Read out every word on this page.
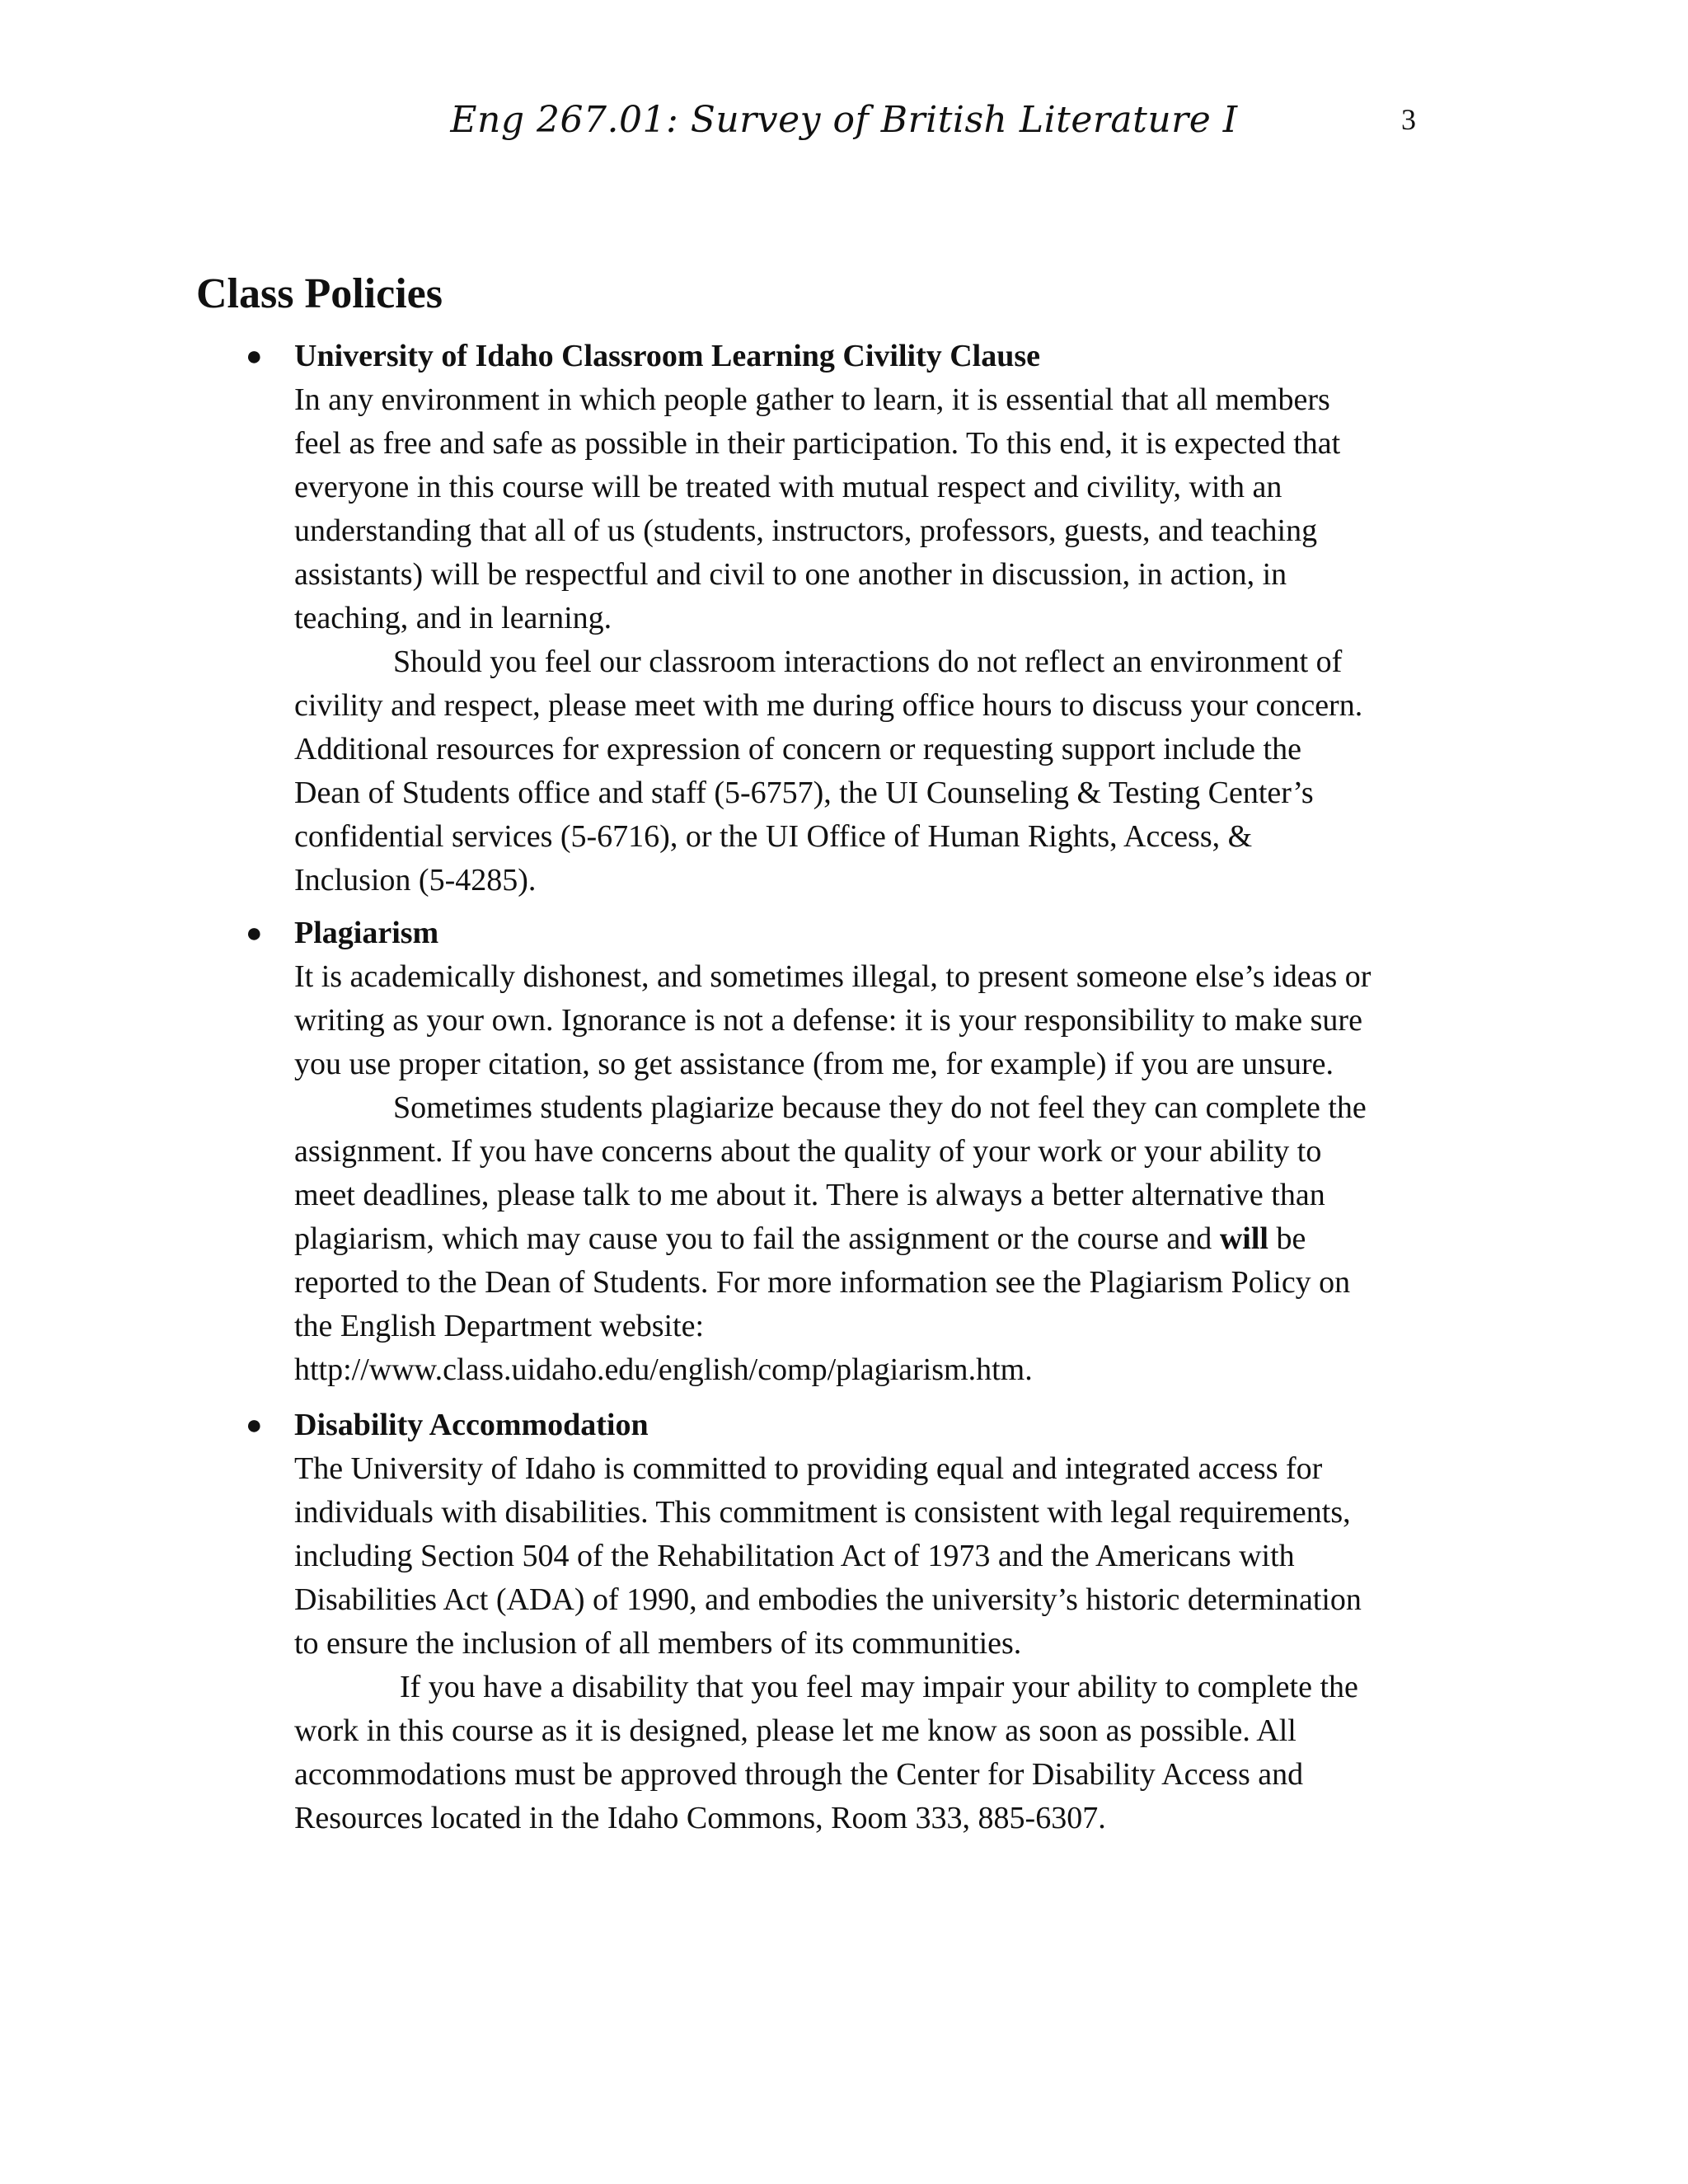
Eng 267.01: Survey of British Literature I	3
Class Policies
● University of Idaho Classroom Learning Civility Clause
In any environment in which people gather to learn, it is essential that all members
feel as free and safe as possible in their participation. To this end, it is expected that
everyone in this course will be treated with mutual respect and civility, with an
understanding that all of us (students, instructors, professors, guests, and teaching
assistants) will be respectful and civil to one another in discussion, in action, in
teaching, and in learning.
Should you feel our classroom interactions do not reflect an environment of
civility and respect, please meet with me during office hours to discuss your concern.
Additional resources for expression of concern or requesting support include the
Dean of Students office and staff (5-6757), the UI Counseling & Testing Center’s
confidential services (5-6716), or the UI Office of Human Rights, Access, &
Inclusion (5-4285).
● Plagiarism
It is academically dishonest, and sometimes illegal, to present someone else’s ideas or
writing as your own. Ignorance is not a defense: it is your responsibility to make sure
you use proper citation, so get assistance (from me, for example) if you are unsure.
Sometimes students plagiarize because they do not feel they can complete the
assignment. If you have concerns about the quality of your work or your ability to
meet deadlines, please talk to me about it. There is always a better alternative than
plagiarism, which may cause you to fail the assignment or the course and will be
reported to the Dean of Students. For more information see the Plagiarism Policy on
the English Department website:
http://www.class.uidaho.edu/english/comp/plagiarism.htm.
● Disability Accommodation
The University of Idaho is committed to providing equal and integrated access for
individuals with disabilities. This commitment is consistent with legal requirements,
including Section 504 of the Rehabilitation Act of 1973 and the Americans with
Disabilities Act (ADA) of 1990, and embodies the university’s historic determination
to ensure the inclusion of all members of its communities.
If you have a disability that you feel may impair your ability to complete the
work in this course as it is designed, please let me know as soon as possible. All
accommodations must be approved through the Center for Disability Access and
Resources located in the Idaho Commons, Room 333, 885-6307.
